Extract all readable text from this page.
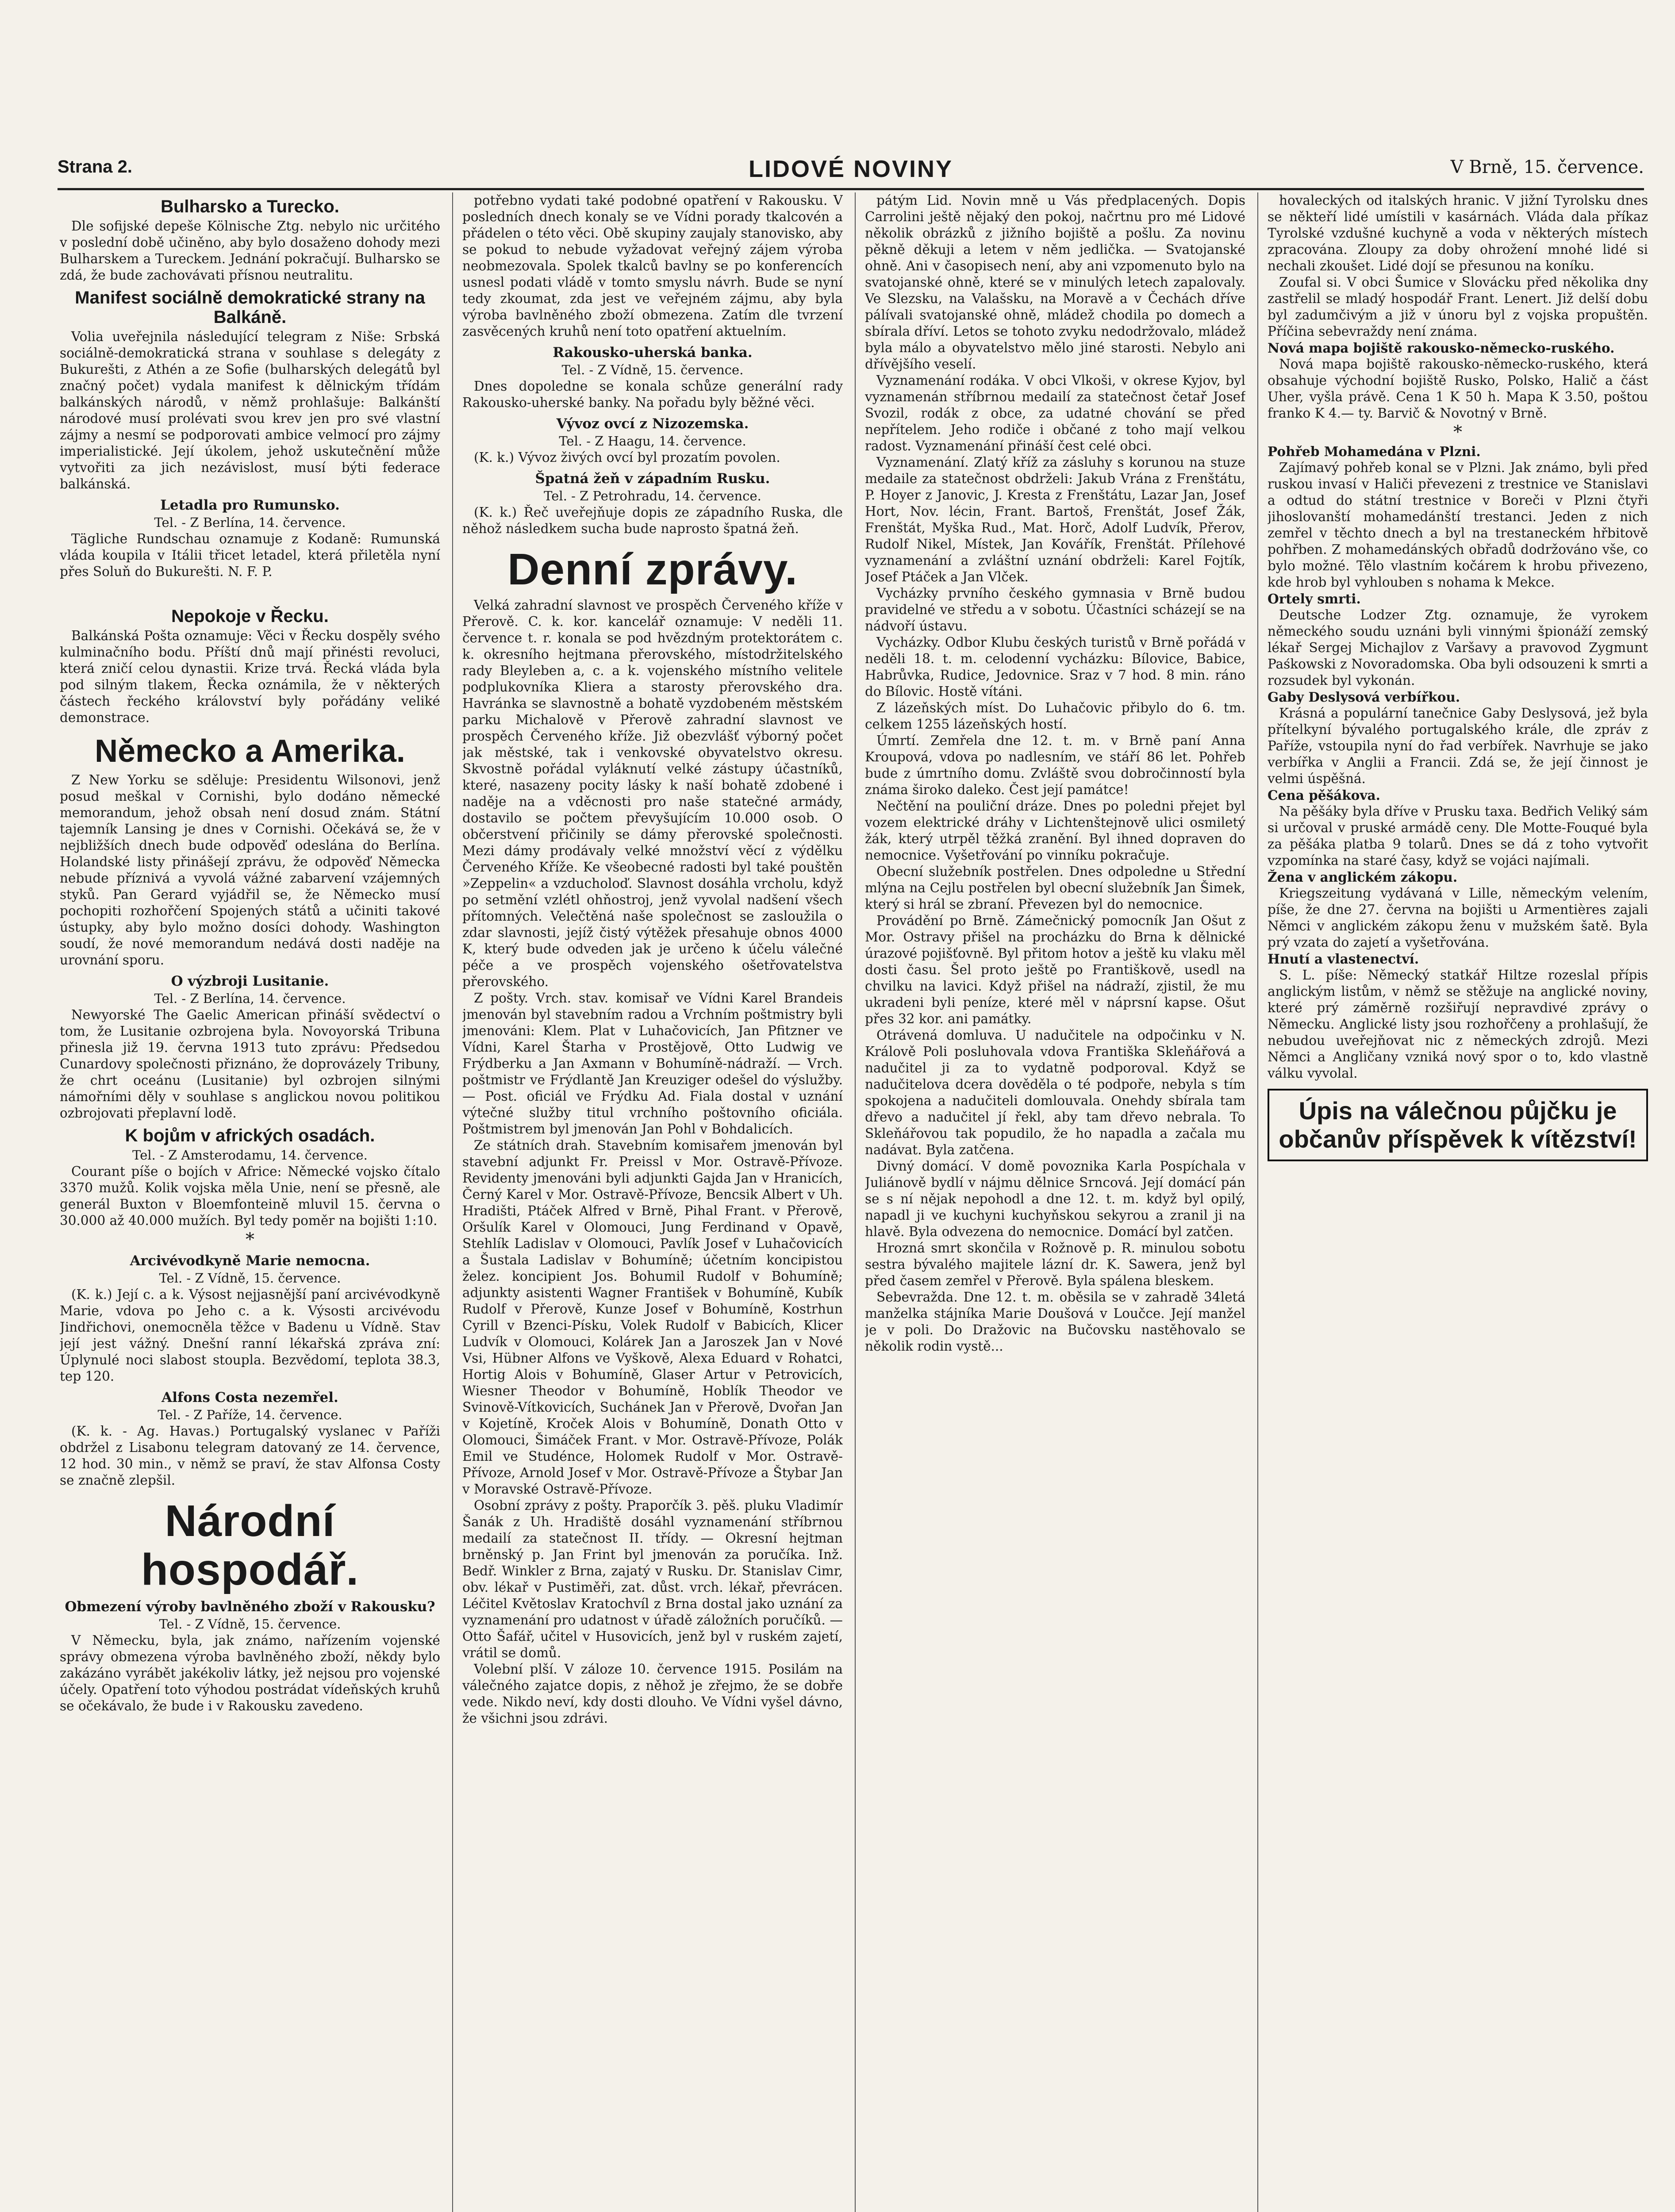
Strana 2.	LIDOVÉ NOVINY	V Brně, 15. července.
Bulharsko a Turecko.

Dle sofijské depeše Kölnische Ztg. nebylo nic určitého v poslední době učiněno, aby bylo dosaženo dohody mezi Bulharskem a Tureckem. Jednání pokračují. Bulharsko se zdá, že bude zachovávati přísnou neutralitu.

Manifest sociálně demokratické strany na Balkáně.

Volia uveřejnila následující telegram z Niše: Srbská sociálně-demokratická strana v souhlase s delegáty z Bukurešti, z Athén a ze Sofie (bulharských delegátů byl značný počet) vydala manifest k dělnickým třídám balkánských národů, v němž prohlašuje: Balkánští národové musí prolévati svou krev jen pro své vlastní zájmy a nesmí se podporovati ambice velmocí pro zájmy imperialistické. Její úkolem, jehož uskutečnění může vytvořiti za jich nezávislost, musí býti federace balkánská.

Letadla pro Rumunsko.
Tel. - Z Berlína, 14. července.

Tägliche Rundschau oznamuje z Kodaně: Rumunská vláda koupila v Itálii třicet letadel, která přiletěla nyní přes Soluň do Bukurešti. N. F. P.

Nepokoje v Řecku.

Balkánská Pošta oznamuje: Věci v Řecku dospěly svého kulminačního bodu. Příští dnů mají přinésti revoluci, která zničí celou dynastii. Krize trvá. Řecká vláda byla pod silným tlakem, Řecka oznámila, že v některých částech řeckého království byly pořádány veliké demonstrace.

Německo a Amerika.

Z New Yorku se sděluje: Presidentu Wilsonovi, jenž posud meškal v Cornishi, bylo dodáno německé memorandum, jehož obsah není dosud znám. Státní tajemník Lansing je dnes v Cornishi. Očekává se, že v nejbližších dnech bude odpověď odeslána do Berlína. Holandské listy přinášejí zprávu, že odpověď Německa nebude příznivá a vyvolá vážné zabarvení vzájemných styků. Pan Gerard vyjádřil se, že Německo musí pochopiti rozhořčení Spojených států a učiniti takové ústupky, aby bylo možno dosíci dohody. Washington soudí, že nové memorandum nedává dosti naděje na urovnání sporu.

O výzbroji Lusitanie.
Tel. - Z Berlína, 14. července.

Newyorské The Gaelic American přináší svědectví o tom, že Lusitanie ozbrojena byla. Novoyorská Tribuna přinesla již 19. června 1913 tuto zprávu: Předsedou Cunardovy společnosti přiznáno, že doprovázely Tribuny, že chrt oceánu (Lusitanie) byl ozbrojen silnými námořními děly v souhlase s anglickou novou politikou ozbrojovati přeplavní lodě.

K bojům v afrických osadách.
Tel. - Z Amsterodamu, 14. července.

Courant píše o bojích v Africe: Německé vojsko čítalo 3370 mužů. Kolik vojska měla Unie, není se přesně, ale generál Buxton v Bloemfonteině mluvil 15. června o 30.000 až 40.000 mužích. Byl tedy poměr na bojišti 1:10.

*
Arcivévodkyně Marie nemocna.
Tel. - Z Vídně, 15. července.

(K. k.) Její c. a k. Výsost nejjasnější paní arcivévodkyně Marie, vdova po Jeho c. a k. Výsosti arcivévodu Jindřichovi, onemocněla těžce v Badenu u Vídně. Stav její jest vážný. Dnešní ranní lékařská zpráva zní: Úplynulé noci slabost stoupla. Bezvědomí, teplota 38.3, tep 120.

Alfons Costa nezemřel.
Tel. - Z Paříže, 14. července.

(K. k. - Ag. Havas.) Portugalský vyslanec v Paříži obdržel z Lisabonu telegram datovaný ze 14. července, 12 hod. 30 min., v němž se praví, že stav Alfonsa Costy se značně zlepšil.

Národní hospodář.
Obmezení výroby bavlněného zboží v Rakousku?
Tel. - Z Vídně, 15. července.

V Německu, byla, jak známo, nařízením vojenské správy obmezena výroba bavlněného zboží, někdy bylo zakázáno vyrábět jakékoliv látky, jež nejsou pro vojenské účely. Opatření toto výhodou postrádat vídeňských kruhů se očekávalo, že bude i v Rakousku zavedeno.

potřebno vydati také podobné opatření v Rakousku. V posledních dnech konaly se ve Vídni porady tkalcovén a přádelen o této věci. Obě skupiny zaujaly stanovisko, aby se pokud to nebude vyžadovat veřejný zájem výroba neobmezovala. Spolek tkalců bavlny se po konferencích usnesl podati vládě v tomto smyslu návrh. Bude se nyní tedy zkoumat, zda jest ve veřejném zájmu, aby byla výroba bavlněného zboží obmezena. Zatím dle tvrzení zasvěcených kruhů není toto opatření aktuelním.

Rakousko-uherská banka.
Tel. - Z Vídně, 15. července.

Dnes dopoledne se konala schůze generální rady Rakousko-uherské banky. Na pořadu byly běžné věci.

Vývoz ovcí z Nizozemska.
Tel. - Z Haagu, 14. července.

(K. k.) Vývoz živých ovcí byl prozatím povolen.

Špatná žeň v západním Rusku.
Tel. - Z Petrohradu, 14. července.

(K. k.) Řeč uveřejňuje dopis ze západního Ruska, dle něhož následkem sucha bude naprosto špatná žeň.

Denní zprávy.

Velká zahradní slavnost ve prospěch Červeného kříže v Přerově. C. k. kor. kancelář oznamuje: V neděli 11. července t. r. konala se pod hvězdným protektorátem c. k. okresního hejtmana přerovského, místodržitelského rady Bleyleben a, c. a k. vojenského místního velitele podplukovníka Kliera a starosty přerovského dra. Havránka se slavnostně a bohatě vyzdobeném městském parku Michalově v Přerově zahradní slavnost ve prospěch Červeného kříže. Již obezvlášť výborný počet jak městské, tak i venkovské obyvatelstvo okresu. Skvostně pořádal vyláknutí velké zástupy účastníků, které, nasazeny pocity lásky k naší bohatě zdobené i naděje na a vděcnosti pro naše statečné armády, dostavilo se počtem převyšujícím 10.000 osob. O občerstvení přičinily se dámy přerovské společnosti. Mezi dámy prodávaly velké množství věcí z výdělku Červeného Kříže. Ke všeobecné radosti byl také pouštěn »Zeppelin« a vzducholoď. Slavnost dosáhla vrcholu, když po setmění vzlétl ohňostroj, jenž vyvolal nadšení všech přítomných. Velečtěná naše společnost se zasloužila o zdar slavnosti, jejíž čistý výtěžek přesahuje obnos 4000 K, který bude odveden jak je určeno k účelu válečné péče a ve prospěch vojenského ošetřovatelstva přerovského.

Z pošty. Vrch. stav. komisař ve Vídni Karel Brandeis jmenován byl stavebním radou a Vrchním poštmistry byli jmenováni: Klem. Plat v Luhačovicích, Jan Pfitzner ve Vídni, Karel Štarha v Prostějově, Otto Ludwig ve Frýdberku a Jan Axmann v Bohumíně-nádraží. — Vrch. poštmistr ve Frýdlantě Jan Kreuziger odešel do výslužby. — Post. oficiál ve Frýdku Ad. Fiala dostal v uznání výtečné služby titul vrchního poštovního oficiála. Poštmistrem byl jmenován Jan Pohl v Bohdalicích.

Ze státních drah. Stavebním komisařem jmenován byl stavební adjunkt Fr. Preissl v Mor. Ostravě-Přívoze. Revidenty jmenováni byli adjunkti Gajda Jan v Hranicích, Černý Karel v Mor. Ostravě-Přívoze, Bencsik Albert v Uh. Hradišti, Ptáček Alfred v Brně, Pihal Frant. v Přerově, Oršulík Karel v Olomouci, Jung Ferdinand v Opavě, Stehlík Ladislav v Olomouci, Pavlík Josef v Luhačovicích a Šustala Ladislav v Bohumíně; účetním koncipistou želez. koncipient Jos. Bohumil Rudolf v Bohumíně; adjunkty asistenti Wagner František v Bohumíně, Kubík Rudolf v Přerově, Kunze Josef v Bohumíně, Kostrhun Cyrill v Bzenci-Písku, Volek Rudolf v Babicích, Klicer Ludvík v Olomouci, Kolárek Jan a Jaroszek Jan v Nové Vsi, Hübner Alfons ve Vyškově, Alexa Eduard v Rohatci, Hortig Alois v Bohumíně, Glaser Artur v Petrovicích, Wiesner Theodor v Bohumíně, Hoblík Theodor ve Svinově-Vítkovicích, Suchánek Jan v Přerově, Dvořan Jan v Kojetíně, Kroček Alois v Bohumíně, Donath Otto v Olomouci, Šimáček Frant. v Mor. Ostravě-Přívoze, Polák Emil ve Studénce, Holomek Rudolf v Mor. Ostravě-Přívoze, Arnold Josef v Mor. Ostravě-Přívoze a Štybar Jan v Moravské Ostravě-Přívoze.

Osobní zprávy z pošty. Praporčík 3. pěš. pluku Vladimír Šanák z Uh. Hradiště dosáhl vyznamenání stříbrnou medailí za statečnost II. třídy. — Okresní hejtman brněnský p. Jan Frint byl jmenován za poručíka. Inž. Bedř. Winkler z Brna, zajatý v Rusku. Dr. Stanislav Cimr, obv. lékař v Pustiměři, zat. důst. vrch. lékař, převrácen. Léčitel Květoslav Kratochvíl z Brna dostal jako uznání za vyznamenání pro udatnost v úřadě záložních poručíků. — Otto Šafář, učitel v Husovicích, jenž byl v ruském zajetí, vrátil se domů.

Volební plší. V záloze 10. července 1915. Posilám na válečného zajatce dopis, z něhož je zřejmo, že se dobře vede. Nikdo neví, kdy dosti dlouho. Ve Vídni vyšel dávno, že všichni jsou zdrávi.

pátým Lid. Novin mně u Vás předplacených. Dopis Carrolini ještě nějaký den pokoj, načrtnu pro mé Lidové několik obrázků z jižního bojiště a pošlu. Za novinu pěkně děkuji a letem v něm jedlička. — Svatojanské ohně. Ani v časopisech není, aby ani vzpomenuto bylo na svatojanské ohně, které se v minulých letech zapalovaly. Ve Slezsku, na Valašsku, na Moravě a v Čechách dříve pálívali svatojanské ohně, mládež chodila po domech a sbírala dříví. Letos se tohoto zvyku nedodržovalo, mládež byla málo a obyvatelstvo mělo jiné starosti. Nebylo ani dřívějšího veselí.

Vyznamenání rodáka. V obci Vlkoši, v okrese Kyjov, byl vyznamenán stříbrnou medailí za statečnost četař Josef Svozil, rodák z obce, za udatné chování se před nepřítelem. Jeho rodiče i občané z toho mají velkou radost. Vyznamenání přináší čest celé obci.

Vyznamenání. Zlatý kříž za zásluhy s korunou na stuze medaile za statečnost obdrželi: Jakub Vrána z Frenštátu, P. Hoyer z Janovic, J. Kresta z Frenštátu, Lazar Jan, Josef Hort, Nov. lécin, Frant. Bartoš, Frenštát, Josef Žák, Frenštát, Myška Rud., Mat. Horč, Adolf Ludvík, Přerov, Rudolf Nikel, Místek, Jan Kovářík, Frenštát. Přílehové vyznamenání a zvláštní uznání obdrželi: Karel Fojtík, Josef Ptáček a Jan Vlček.

Vycházky prvního českého gymnasia v Brně budou pravidelné ve středu a v sobotu. Účastníci scházejí se na nádvoří ústavu.

Vycházky. Odbor Klubu českých turistů v Brně pořádá v neděli 18. t. m. celodenní vycházku: Bílovice, Babice, Habrůvka, Rudice, Jedovnice. Sraz v 7 hod. 8 min. ráno do Bílovic. Hostě vítáni.

Z lázeňských míst. Do Luhačovic přibylo do 6. tm. celkem 1255 lázeňských hostí.

Úmrtí. Zemřela dne 12. t. m. v Brně paní Anna Kroupová, vdova po nadlesním, ve stáří 86 let. Pohřeb bude z úmrtního domu. Zvláště svou dobročinností byla známa široko daleko. Čest její památce!

Nečtění na pouliční dráze. Dnes po poledni přejet byl vozem elektrické dráhy v Lichtenštejnově ulici osmiletý žák, který utrpěl těžká zranění. Byl ihned dopraven do nemocnice. Vyšetřování po vinníku pokračuje.

Obecní služebník postřelen. Dnes odpoledne u Střední mlýna na Cejlu postřelen byl obecní služebník Jan Šimek, který si hrál se zbraní. Převezen byl do nemocnice.

Provádění po Brně. Zámečnický pomocník Jan Ošut z Mor. Ostravy přišel na procházku do Brna k dělnické úrazové pojišťovně. Byl přitom hotov a ještě ku vlaku měl dosti času. Šel proto ještě po Františkově, usedl na chvilku na lavici. Když přišel na nádraží, zjistil, že mu ukradeni byli peníze, které měl v náprsní kapse. Ošut přes 32 kor. ani památky.

Otrávená domluva. U nadučitele na odpočinku v N. Králově Poli posluhovala vdova Františka Skleňářová a nadučitel ji za to vydatně podporoval. Když se nadučitelova dcera dověděla o té podpoře, nebyla s tím spokojena a nadučiteli domlouvala. Onehdy sbírala tam dřevo a nadučitel jí řekl, aby tam dřevo nebrala. To Skleňářovou tak popudilo, že ho napadla a začala mu nadávat. Byla zatčena.

Divný domácí. V domě povoznika Karla Pospíchala v Juliánově bydlí v nájmu dělnice Srncová. Její domácí pán se s ní nějak nepohodl a dne 12. t. m. když byl opilý, napadl ji ve kuchyni kuchyňskou sekyrou a zranil ji na hlavě. Byla odvezena do nemocnice. Domácí byl zatčen.

Hrozná smrt skončila v Rožnově p. R. minulou sobotu sestra bývalého majitele lázní dr. K. Sawera, jenž byl před časem zemřel v Přerově. Byla spálena bleskem.

Sebevražda. Dne 12. t. m. oběsila se v zahradě 34letá manželka stájníka Marie Doušová v Loučce. Její manžel je v poli. Do Dražovic na Bučovsku nastěhovalo se několik rodin vystě...

hovaleckých od italských hranic. V jižní Tyrolsku dnes se někteří lidé umístili v kasárnách. Vláda dala příkaz Tyrolské vzdušné kuchyně a voda v některých místech zpracována. Zloupy za doby ohrožení mnohé lidé si nechali zkoušet. Lidé dojí se přesunou na koníku.

Zoufal si. V obci Šumice v Slovácku před několika dny zastřelil se mladý hospodář Frant. Lenert. Již delší dobu byl zadumčivým a již v únoru byl z vojska propuštěn. Příčina sebevraždy není známa.

Nová mapa bojiště rakousko-německo-ruského.

Nová mapa bojiště rakousko-německo-ruského, která obsahuje východní bojiště Rusko, Polsko, Halič a část Uher, vyšla právě. Cena 1 K 50 h. Mapa K 3.50, poštou franko K 4.— ty. Barvič & Novotný v Brně.

*

Pohřeb Mohamedána v Plzni.

Zajímavý pohřeb konal se v Plzni. Jak známo, byli před ruskou invasí v Haliči převezeni z trestnice ve Stanislavi a odtud do státní trestnice v Boreči v Plzni čtyři jihoslovanští mohamedánští trestanci. Jeden z nich zemřel v těchto dnech a byl na trestaneckém hřbitově pohřben. Z mohamedánských obřadů dodržováno vše, co bylo možné. Tělo vlastním kočárem k hrobu přivezeno, kde hrob byl vyhlouben s nohama k Mekce.

Ortely smrti.

Deutsche Lodzer Ztg. oznamuje, že vyrokem německého soudu uznáni byli vinnými špionáží zemský lékař Sergej Michajlov z Varšavy a pravovod Zygmunt Paśkowski z Novoradomska. Oba byli odsouzeni k smrti a rozsudek byl vykonán.

Gaby Deslysová verbířkou.

Krásná a populární tanečnice Gaby Deslysová, jež byla přítelkyní bývalého portugalského krále, dle zpráv z Paříže, vstoupila nyní do řad verbířek. Navrhuje se jako verbířka v Anglii a Francii. Zdá se, že její činnost je velmi úspěšná.

Cena pěšákova.

Na pěšáky byla dříve v Prusku taxa. Bedřich Veliký sám si určoval v pruské armádě ceny. Dle Motte-Fouqué byla za pěšáka platba 9 tolarů. Dnes se dá z toho vytvořit vzpomínka na staré časy, když se vojáci najímali.

Žena v anglickém zákopu.

Kriegszeitung vydávaná v Lille, německým velením, píše, že dne 27. června na bojišti u Armentières zajali Němci v anglickém zákopu ženu v mužském šatě. Byla prý vzata do zajetí a vyšetřována.

Hnutí a vlastenectví.

S. L. píše: Německý statkář Hiltze rozeslal přípis anglickým listům, v němž se stěžuje na anglické noviny, které prý záměrně rozšiřují nepravdivé zprávy o Německu. Anglické listy jsou rozhořčeny a prohlašují, že nebudou uveřejňovat nic z německých zdrojů. Mezi Němci a Angličany vzniká nový spor o to, kdo vlastně válku vyvolal.

Úpis na válečnou půjčku je občanův příspěvek k vítězství!
